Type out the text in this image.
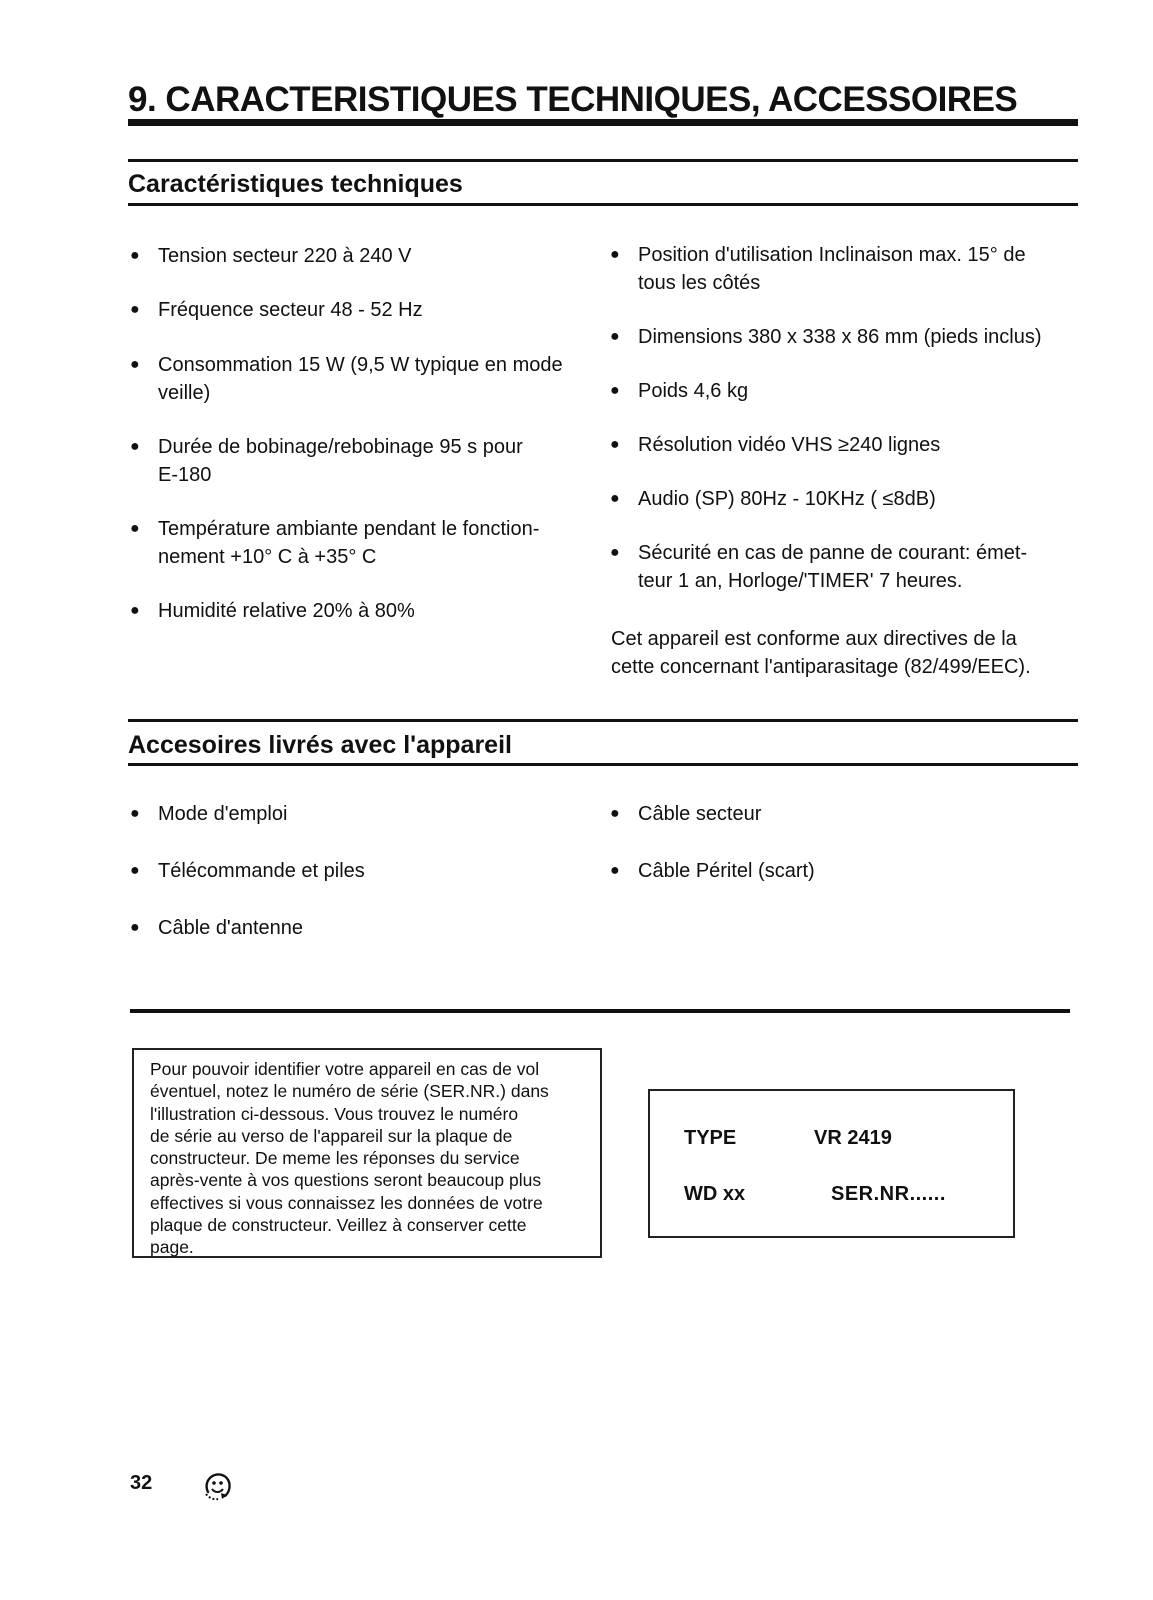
9. CARACTERISTIQUES TECHNIQUES, ACCESSOIRES
Caractéristiques techniques
● Tension secteur 220 à 240 V
● Fréquence secteur 48 - 52 Hz
● Consommation 15 W (9,5 W typique en mode
veille)
● Durée de bobinage/rebobinage 95 s pour
E-180
● Température ambiante pendant le fonction-
nement +10° C à +35° C
● Humidité relative 20% à 80%
● Position d'utilisation Inclinaison max. 15° de
tous les côtés
● Dimensions 380 x 338 x 86 mm (pieds inclus)
● Poids 4,6 kg
● Résolution vidéo VHS ≥240 lignes
● Audio (SP) 80Hz - 10KHz ( ≤8dB)
● Sécurité en cas de panne de courant: émet-
teur 1 an, Horloge/'TIMER' 7 heures.

Cet appareil est conforme aux directives de la
cette concernant l'antiparasitage (82/499/EEC).

Accesoires livrés avec l'appareil
● Mode d'emploi
● Télécommande et piles
● Câble d'antenne
● Câble secteur
● Câble Péritel (scart)
Pour pouvoir identifier votre appareil en cas de vol
éventuel, notez le numéro de série (SER.NR.) dans
l'illustration ci-dessous. Vous trouvez le numéro
de série au verso de l'appareil sur la plaque de
constructeur. De meme les réponses du service
après-vente à vos questions seront beaucoup plus
effectives si vous connaissez les données de votre
plaque de constructeur. Veillez à conserver cette
page.
TYPE	VR 2419
WD xx	SER.NR......
32
